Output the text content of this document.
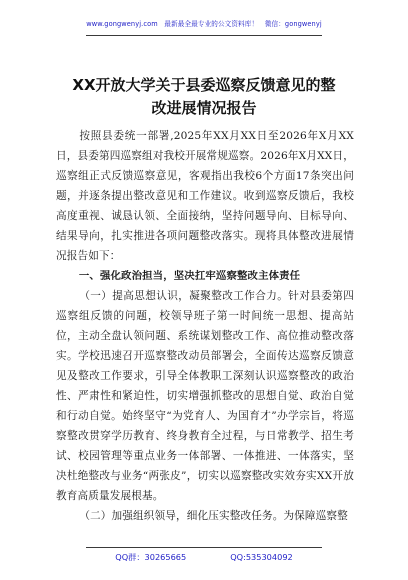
www.gongwenyj.com　最新最全最专业的公文资料库！　微信：gongwenyj
XX开放大学关于县委巡察反馈意见的整
改进展情况报告

按照县委统一部署,2025年XX月XX日至2026年X月XX日，县委第四巡察组对我校开展常规巡察。2026年X月XX日，巡察组正式反馈巡察意见，客观指出我校6个方面17条突出问题，并逐条提出整改意见和工作建议。收到巡察反馈后，我校高度重视、诚恳认领、全面接纳，坚持问题导向、目标导向、结果导向，扎实推进各项问题整改落实。现将具体整改进展情况报告如下：

一、强化政治担当，坚决扛牢巡察整改主体责任

（一）提高思想认识，凝聚整改工作合力。针对县委第四巡察组反馈的问题，校领导班子第一时间统一思想、提高站位，主动全盘认领问题、系统谋划整改工作、高位推动整改落实。学校迅速召开巡察整改动员部署会，全面传达巡察反馈意见及整改工作要求，引导全体教职工深刻认识巡察整改的政治性、严肃性和紧迫性，切实增强抓整改的思想自觉、政治自觉和行动自觉。始终坚守“为党育人、为国育才”办学宗旨，将巡察整改贯穿学历教育、终身教育全过程，与日常教学、招生考试、校园管理等重点业务一体部署、一体推进、一体落实，坚决杜绝整改与业务“两张皮”，切实以巡察整改实效夯实XX开放教育高质量发展根基。

（二）加强组织领导，细化压实整改任务。为保障巡察整

QQ群：30265665	QQ:535304092
